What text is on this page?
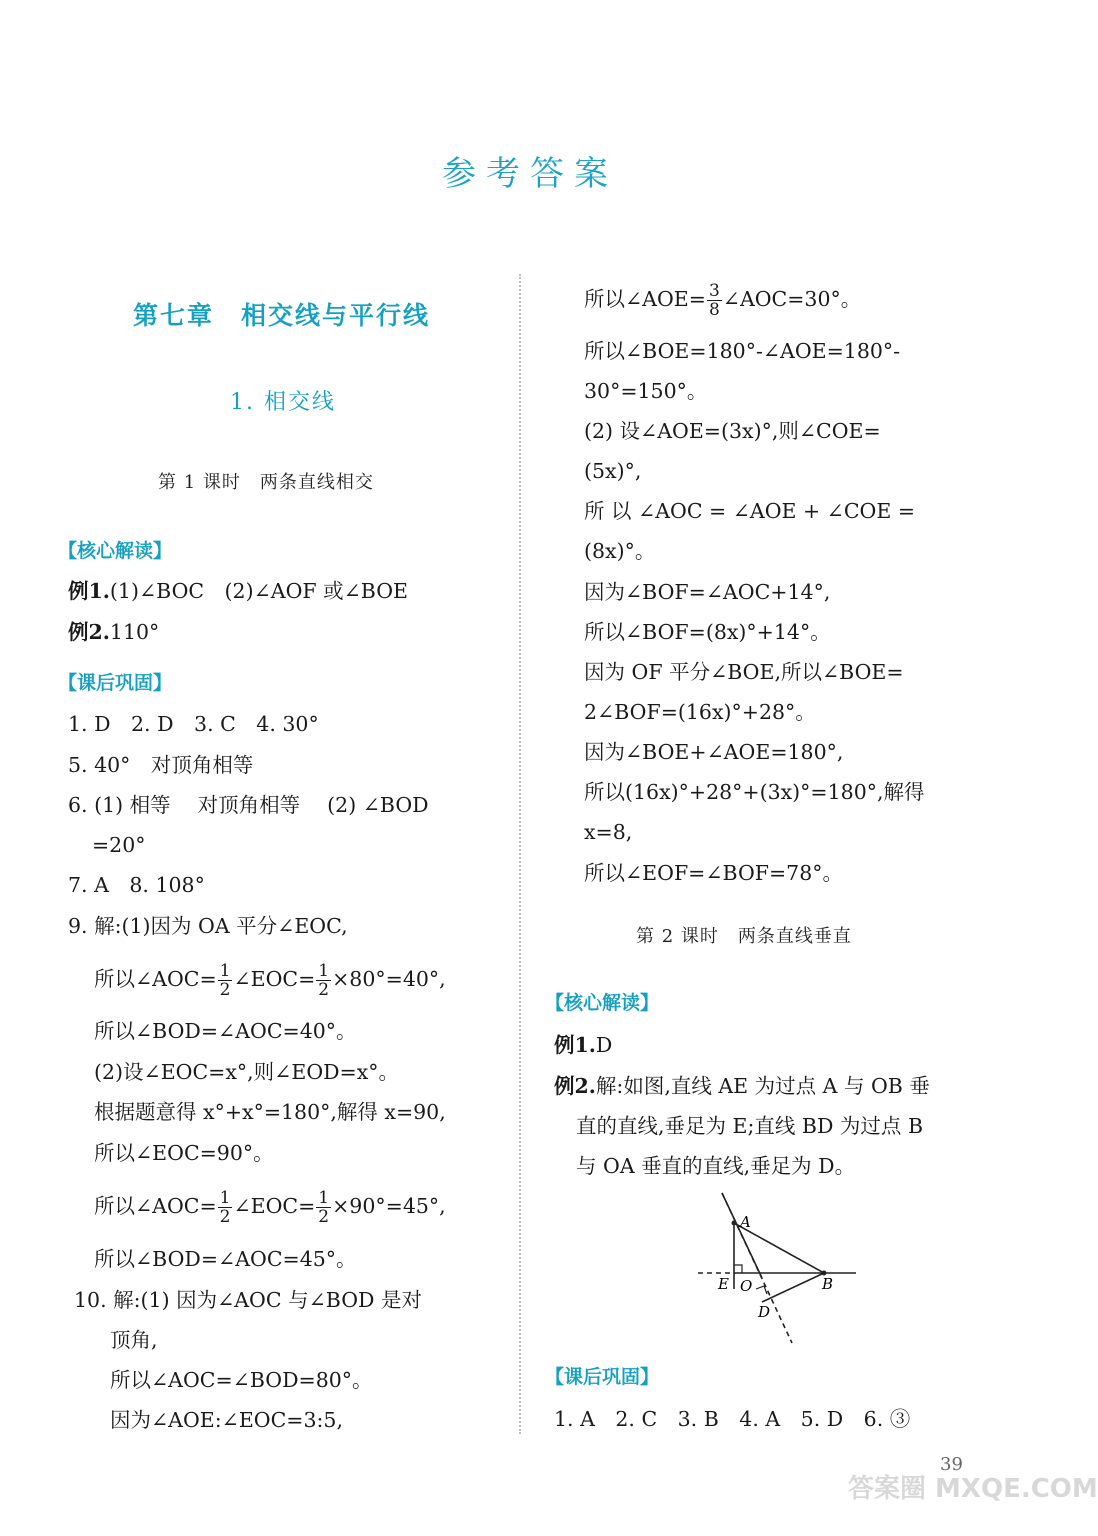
参考答案
第七章　相交线与平行线
1. 相交线
第 1 课时　两条直线相交
【核心解读】
例1.(1)∠BOC　(2)∠AOF 或∠BOE
例2.110°
【课后巩固】
1. D　2. D　3. C　4. 30°
5. 40°　对顶角相等
6. (1) 相等　 对顶角相等　 (2) ∠BOD
=20°
7. A　8. 108°
9. 解:(1)因为 OA 平分∠EOC,
所以∠AOC= $\frac{1}{2}$ ∠EOC= $\frac{1}{2} \times 80^\circ=40^\circ$,
所以∠BOD=∠AOC=40°。
(2)设∠EOC=x°,则∠EOD=x°。
根据题意得 x°+x°=180°,解得 x=90,
所以∠EOC=90°。
所以∠AOC= $\frac{1}{2}$ ∠EOC= $\frac{1}{2} \times 90^\circ=45^\circ$,
所以∠BOD=∠AOC=45°。
10. 解:(1) 因为∠AOC 与∠BOD 是对
顶角,
所以∠AOC=∠BOD=80°。
因为∠AOE:∠EOC=3:5,
所以∠AOE= $\frac{3}{8}$ ∠AOC=30°。
所以∠BOE=180°-∠AOE=180°-
30°=150°。
(2) 设∠AOE=(3x)°,则∠COE=
(5x)°,
所 以 ∠AOC = ∠AOE + ∠COE =
(8x)°。
因为∠BOF=∠AOC+14°,
所以∠BOF=(8x)°+14°。
因为 OF 平分∠BOE,所以∠BOE=
2∠BOF=(16x)°+28°。
因为∠BOE+∠AOE=180°,
所以(16x)°+28°+(3x)°=180°,解得
x=8,
所以∠EOF=∠BOF=78°。
第 2 课时　两条直线垂直
【核心解读】
例1.D
例2.解:如图,直线 AE 为过点 A 与 OB 垂
直的直线,垂足为 E;直线 BD 为过点 B
与 OA 垂直的直线,垂足为 D。
A
E O
D
B
【课后巩固】
1. A　2. C　3. B　4. A　5. D　6. ③
39
答案圈 MXQE.COM
